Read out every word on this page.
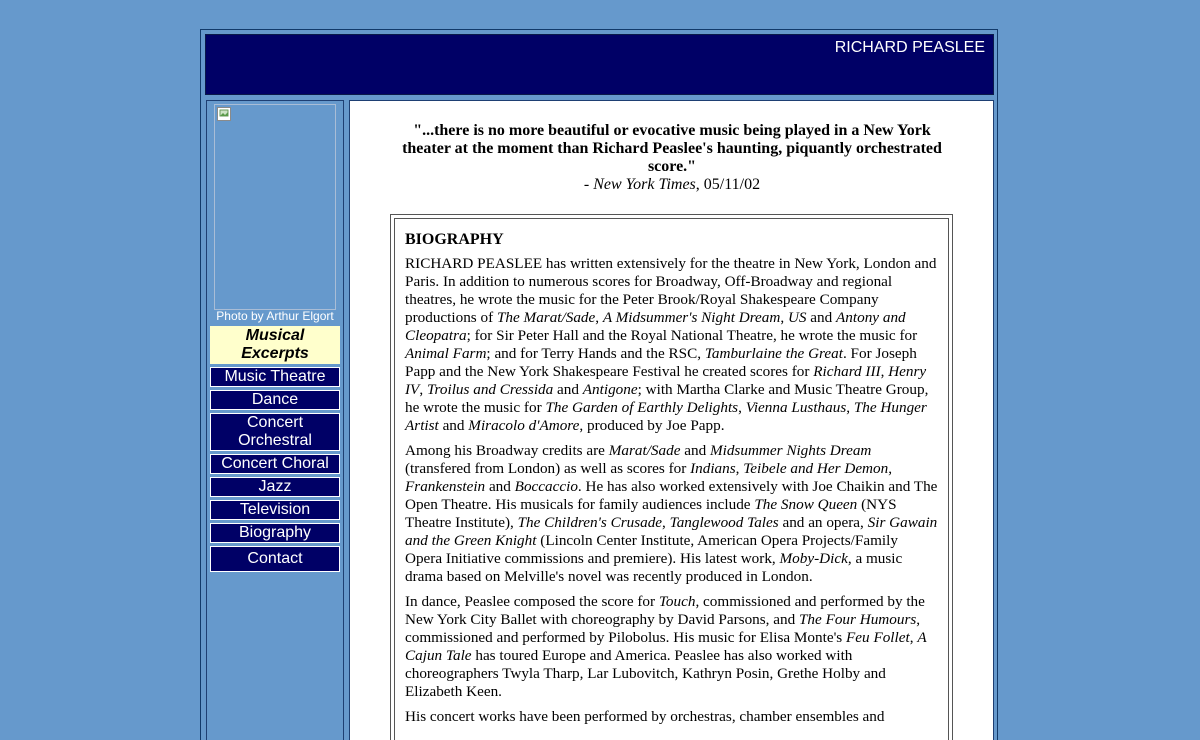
RICHARD PEASLEE
Photo by Arthur Elgort
Musical Excerpts
Music Theatre
Dance
Concert Orchestral
Concert Choral
Jazz
Television
Biography
Contact
"...there is no more beautiful or evocative music being played in a New York theater at the moment than Richard Peaslee's haunting, piquantly orchestrated score."
- New York Times, 05/11/02
BIOGRAPHY

RICHARD PEASLEE has written extensively for the theatre in New York, London and Paris. In addition to numerous scores for Broadway, Off-Broadway and regional theatres, he wrote the music for the Peter Brook/Royal Shakespeare Company productions of The Marat/Sade, A Midsummer's Night Dream, US and Antony and Cleopatra; for Sir Peter Hall and the Royal National Theatre, he wrote the music for Animal Farm; and for Terry Hands and the RSC, Tamburlaine the Great. For Joseph Papp and the New York Shakespeare Festival he created scores for Richard III, Henry IV, Troilus and Cressida and Antigone; with Martha Clarke and Music Theatre Group, he wrote the music for The Garden of Earthly Delights, Vienna Lusthaus, The Hunger Artist and Miracolo d'Amore, produced by Joe Papp.

Among his Broadway credits are Marat/Sade and Midsummer Nights Dream (transfered from London) as well as scores for Indians, Teibele and Her Demon, Frankenstein and Boccaccio. He has also worked extensively with Joe Chaikin and The Open Theatre. His musicals for family audiences include The Snow Queen (NYS Theatre Institute), The Children's Crusade, Tanglewood Tales and an opera, Sir Gawain and the Green Knight (Lincoln Center Institute, American Opera Projects/Family Opera Initiative commissions and premiere). His latest work, Moby-Dick, a music drama based on Melville's novel was recently produced in London.

In dance, Peaslee composed the score for Touch, commissioned and performed by the New York City Ballet with choreography by David Parsons, and The Four Humours, commissioned and performed by Pilobolus. His music for Elisa Monte's Feu Follet, A Cajun Tale has toured Europe and America. Peaslee has also worked with choreographers Twyla Tharp, Lar Lubovitch, Kathryn Posin, Grethe Holby and Elizabeth Keen.

His concert works have been performed by orchestras, chamber ensembles and
